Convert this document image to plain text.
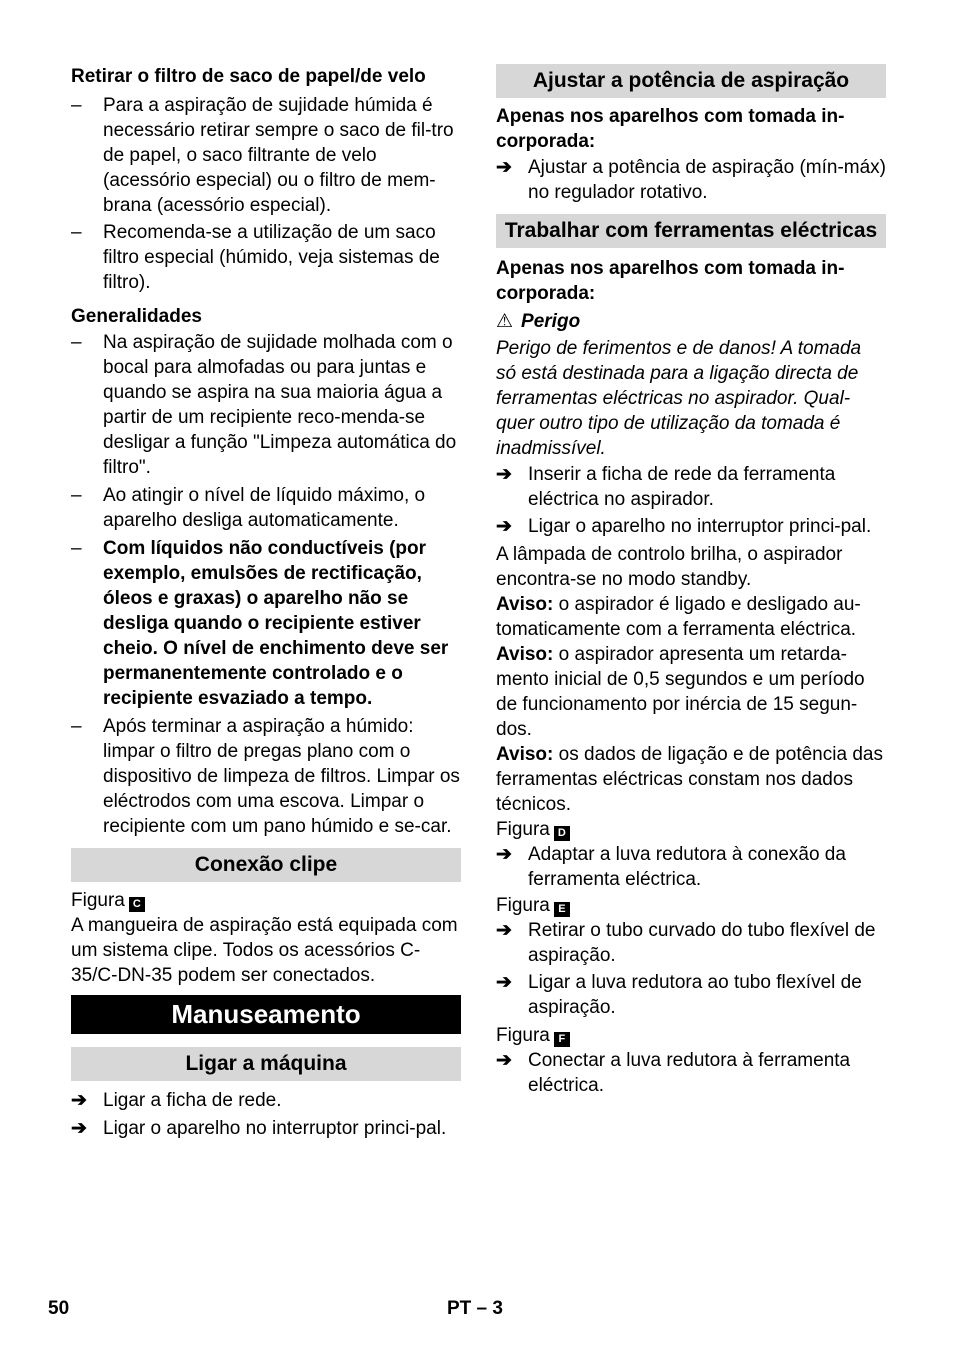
Retirar o filtro de saco de papel/de velo

– Para a aspiração de sujidade húmida é necessário retirar sempre o saco de fil-tro de papel, o saco filtrante de velo (acessório especial) ou o filtro de mem-brana (acessório especial).
– Recomenda-se a utilização de um saco filtro especial (húmido, veja sistemas de filtro).

Generalidades

– Na aspiração de sujidade molhada com o bocal para almofadas ou para juntas e quando se aspira na sua maioria água a partir de um recipiente reco-menda-se desligar a função "Limpeza automática do filtro".
– Ao atingir o nível de líquido máximo, o aparelho desliga automaticamente.
– Com líquidos não conductíveis (por exemplo, emulsões de rectificação, óleos e graxas) o aparelho não se desliga quando o recipiente estiver cheio. O nível de enchimento deve ser permanentemente controlado e o recipiente esvaziado a tempo.
– Após terminar a aspiração a húmido: limpar o filtro de pregas plano com o dispositivo de limpeza de filtros. Limpar os eléctrodos com uma escova. Limpar o recipiente com um pano húmido e se-car.
Conexão clipe

Figura C

A mangueira de aspiração está equipada com um sistema clipe. Todos os acessórios C-35/C-DN-35 podem ser conectados.

Manuseamento
Ligar a máquina
➔ Ligar a ficha de rede.
➔ Ligar o aparelho no interruptor princi-pal.
Ajustar a potência de aspiração

Apenas nos aparelhos com tomada in-corporada:

➔ Ajustar a potência de aspiração (mín-máx) no regulador rotativo.
Trabalhar com ferramentas eléctricas

Apenas nos aparelhos com tomada in-corporada:

⚠ Perigo

Perigo de ferimentos e de danos! A tomada só está destinada para a ligação directa de ferramentas eléctricas no aspirador. Qual-quer outro tipo de utilização da tomada é inadmissível.

➔ Inserir a ficha de rede da ferramenta eléctrica no aspirador.
➔ Ligar o aparelho no interruptor princi-pal.

A lâmpada de controlo brilha, o aspirador encontra-se no modo standby.

Aviso: o aspirador é ligado e desligado au-tomaticamente com a ferramenta eléctrica.

Aviso: o aspirador apresenta um retarda-mento inicial de 0,5 segundos e um período de funcionamento por inércia de 15 segun-dos.

Aviso: os dados de ligação e de potência das ferramentas eléctricas constam nos dados técnicos.

Figura D

➔ Adaptar a luva redutora à conexão da ferramenta eléctrica.

Figura E

➔ Retirar o tubo curvado do tubo flexível de aspiração.
➔ Ligar a luva redutora ao tubo flexível de aspiração.

Figura F

➔ Conectar a luva redutora à ferramenta eléctrica.
50	PT – 3
